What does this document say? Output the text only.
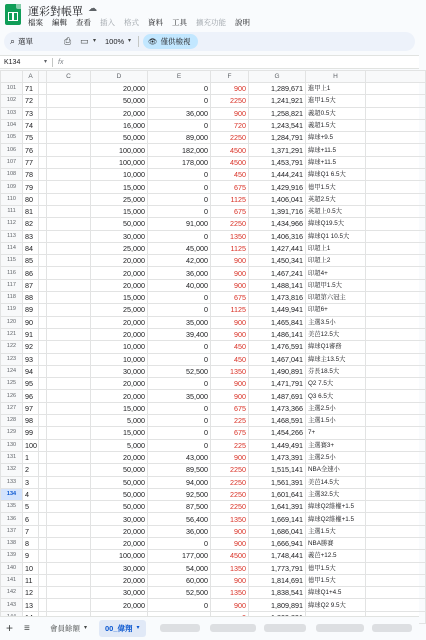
運彩對帳單 ☁
檔案 編輯 查看 插入 格式 資料 工具 擴充功能 說明
⌕ 選單	⎙ ▭ ▾ 100% ▾ 👁 僅供檢視
K134	▾ fx
	A		C	D	E	F	G	H	
101	71			20,000	0	900	1,289,671	進甲上1	
102	72			50,000	0	2250	1,241,921	進甲1.5大	
103	73			20,000	36,000	900	1,258,821	義超0.5大	
104	74			16,000	0	720	1,243,541	義超1.5大	
105	75			50,000	89,000	2250	1,284,791	緯球+9.5	
106	76			100,000	182,000	4500	1,371,291	緯球+11.5	
107	77			100,000	178,000	4500	1,453,791	緯球+11.5	
108	78			10,000	0	450	1,444,241	緯球Q1 6.5大	
109	79			15,000	0	675	1,429,916	德甲1.5大	
110	80			25,000	0	1125	1,406,041	英超2.5大	
111	81			15,000	0	675	1,391,716	英超上0.5大	
112	82			50,000	91,000	2250	1,434,966	緯球Q19.5大	
113	83			30,000	0	1350	1,406,316	緯球Q1 10.5大	
114	84			25,000	45,000	1125	1,427,441	印超上1	
115	85			20,000	42,000	900	1,450,341	印超上2	
116	86			20,000	36,000	900	1,467,241	印超4+	
117	87			20,000	40,000	900	1,488,141	印超甲1.5大	
118	88			15,000	0	675	1,473,816	印超第六冠主	
119	89			25,000	0	1125	1,449,941	印超6+	
120	90			20,000	35,000	900	1,465,841	主選3.5小	
121	91			20,000	39,400	900	1,486,141	美芭12.5大	
122	92			10,000	0	450	1,476,591	緯球Q1審務	
123	93			10,000	0	450	1,467,041	緯球主13.5大	
124	94			30,000	52,500	1350	1,490,891	芬長18.5大	
125	95			20,000	0	900	1,471,791	Q2 7.5大	
126	96			20,000	35,000	900	1,487,691	Q3 6.5大	
127	97			15,000	0	675	1,473,366	主選2.5小	
128	98			5,000	0	225	1,468,591	主選1.5小	
129	99			15,000	0	675	1,454,266	7+	
130	100			5,000	0	225	1,449,491	主選賽3+	
131	1			20,000	43,000	900	1,473,391	主選2.5小	
132	2			50,000	89,500	2250	1,515,141	NBA全速小	
133	3			50,000	94,000	2250	1,561,391	美芭14.5大	
134	4			50,000	92,500	2250	1,601,641	主選32.5大	
135	5			50,000	87,500	2250	1,641,391	緯球Q2維權+1.5	
136	6			30,000	56,400	1350	1,669,141	緯球Q2維權+1.5	
137	7			20,000	36,000	900	1,686,041	主選1.5大	
138	8			20,000	0	900	1,666,941	NBA勝賽	
139	9			100,000	177,000	4500	1,748,441	義芭+12.5	
140	10			30,000	54,000	1350	1,773,791	德甲1.5大	
141	11			20,000	60,000	900	1,814,691	德甲1.5大	
142	12			30,000	52,500	1350	1,838,541	緯球Q1+4.5	
143	13			20,000	0	900	1,809,891	緯球Q2 9.5大	

+ ≡	會員餘額 ▾ 00_偉翔 ▾
